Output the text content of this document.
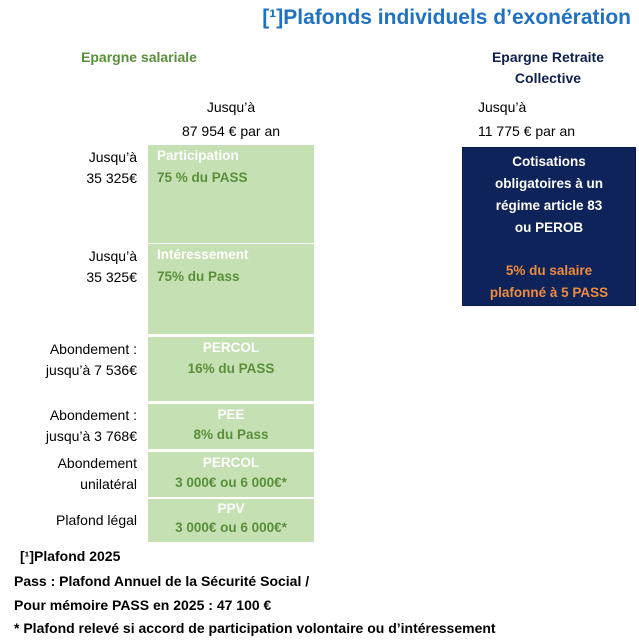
[¹]Plafonds individuels d’exonération
Epargne salariale	Epargne Retraite
Collective
Jusqu’à
87 954 € par an
Jusqu’à
11 775 € par an
Jusqu’à
35 325€
Jusqu’à
35 325€
Abondement :
jusqu’à 7 536€
Abondement :
jusqu’à 3 768€
Abondement
unilatéral
Plafond légal
Participation
75 % du PASS
Intéressement
75% du Pass
PERCOL
16% du PASS
PEE
8% du Pass
PERCOL
3 000€ ou 6 000€*
PPV
3 000€ ou 6 000€*
Cotisations
obligatoires à un
régime article 83
ou PEROB
5% du salaire
plafonné à 5 PASS
[¹]Plafond 2025
Pass : Plafond Annuel de la Sécurité Social /
Pour mémoire PASS en 2025 : 47 100 €
* Plafond relevé si accord de participation volontaire ou d’intéressement
